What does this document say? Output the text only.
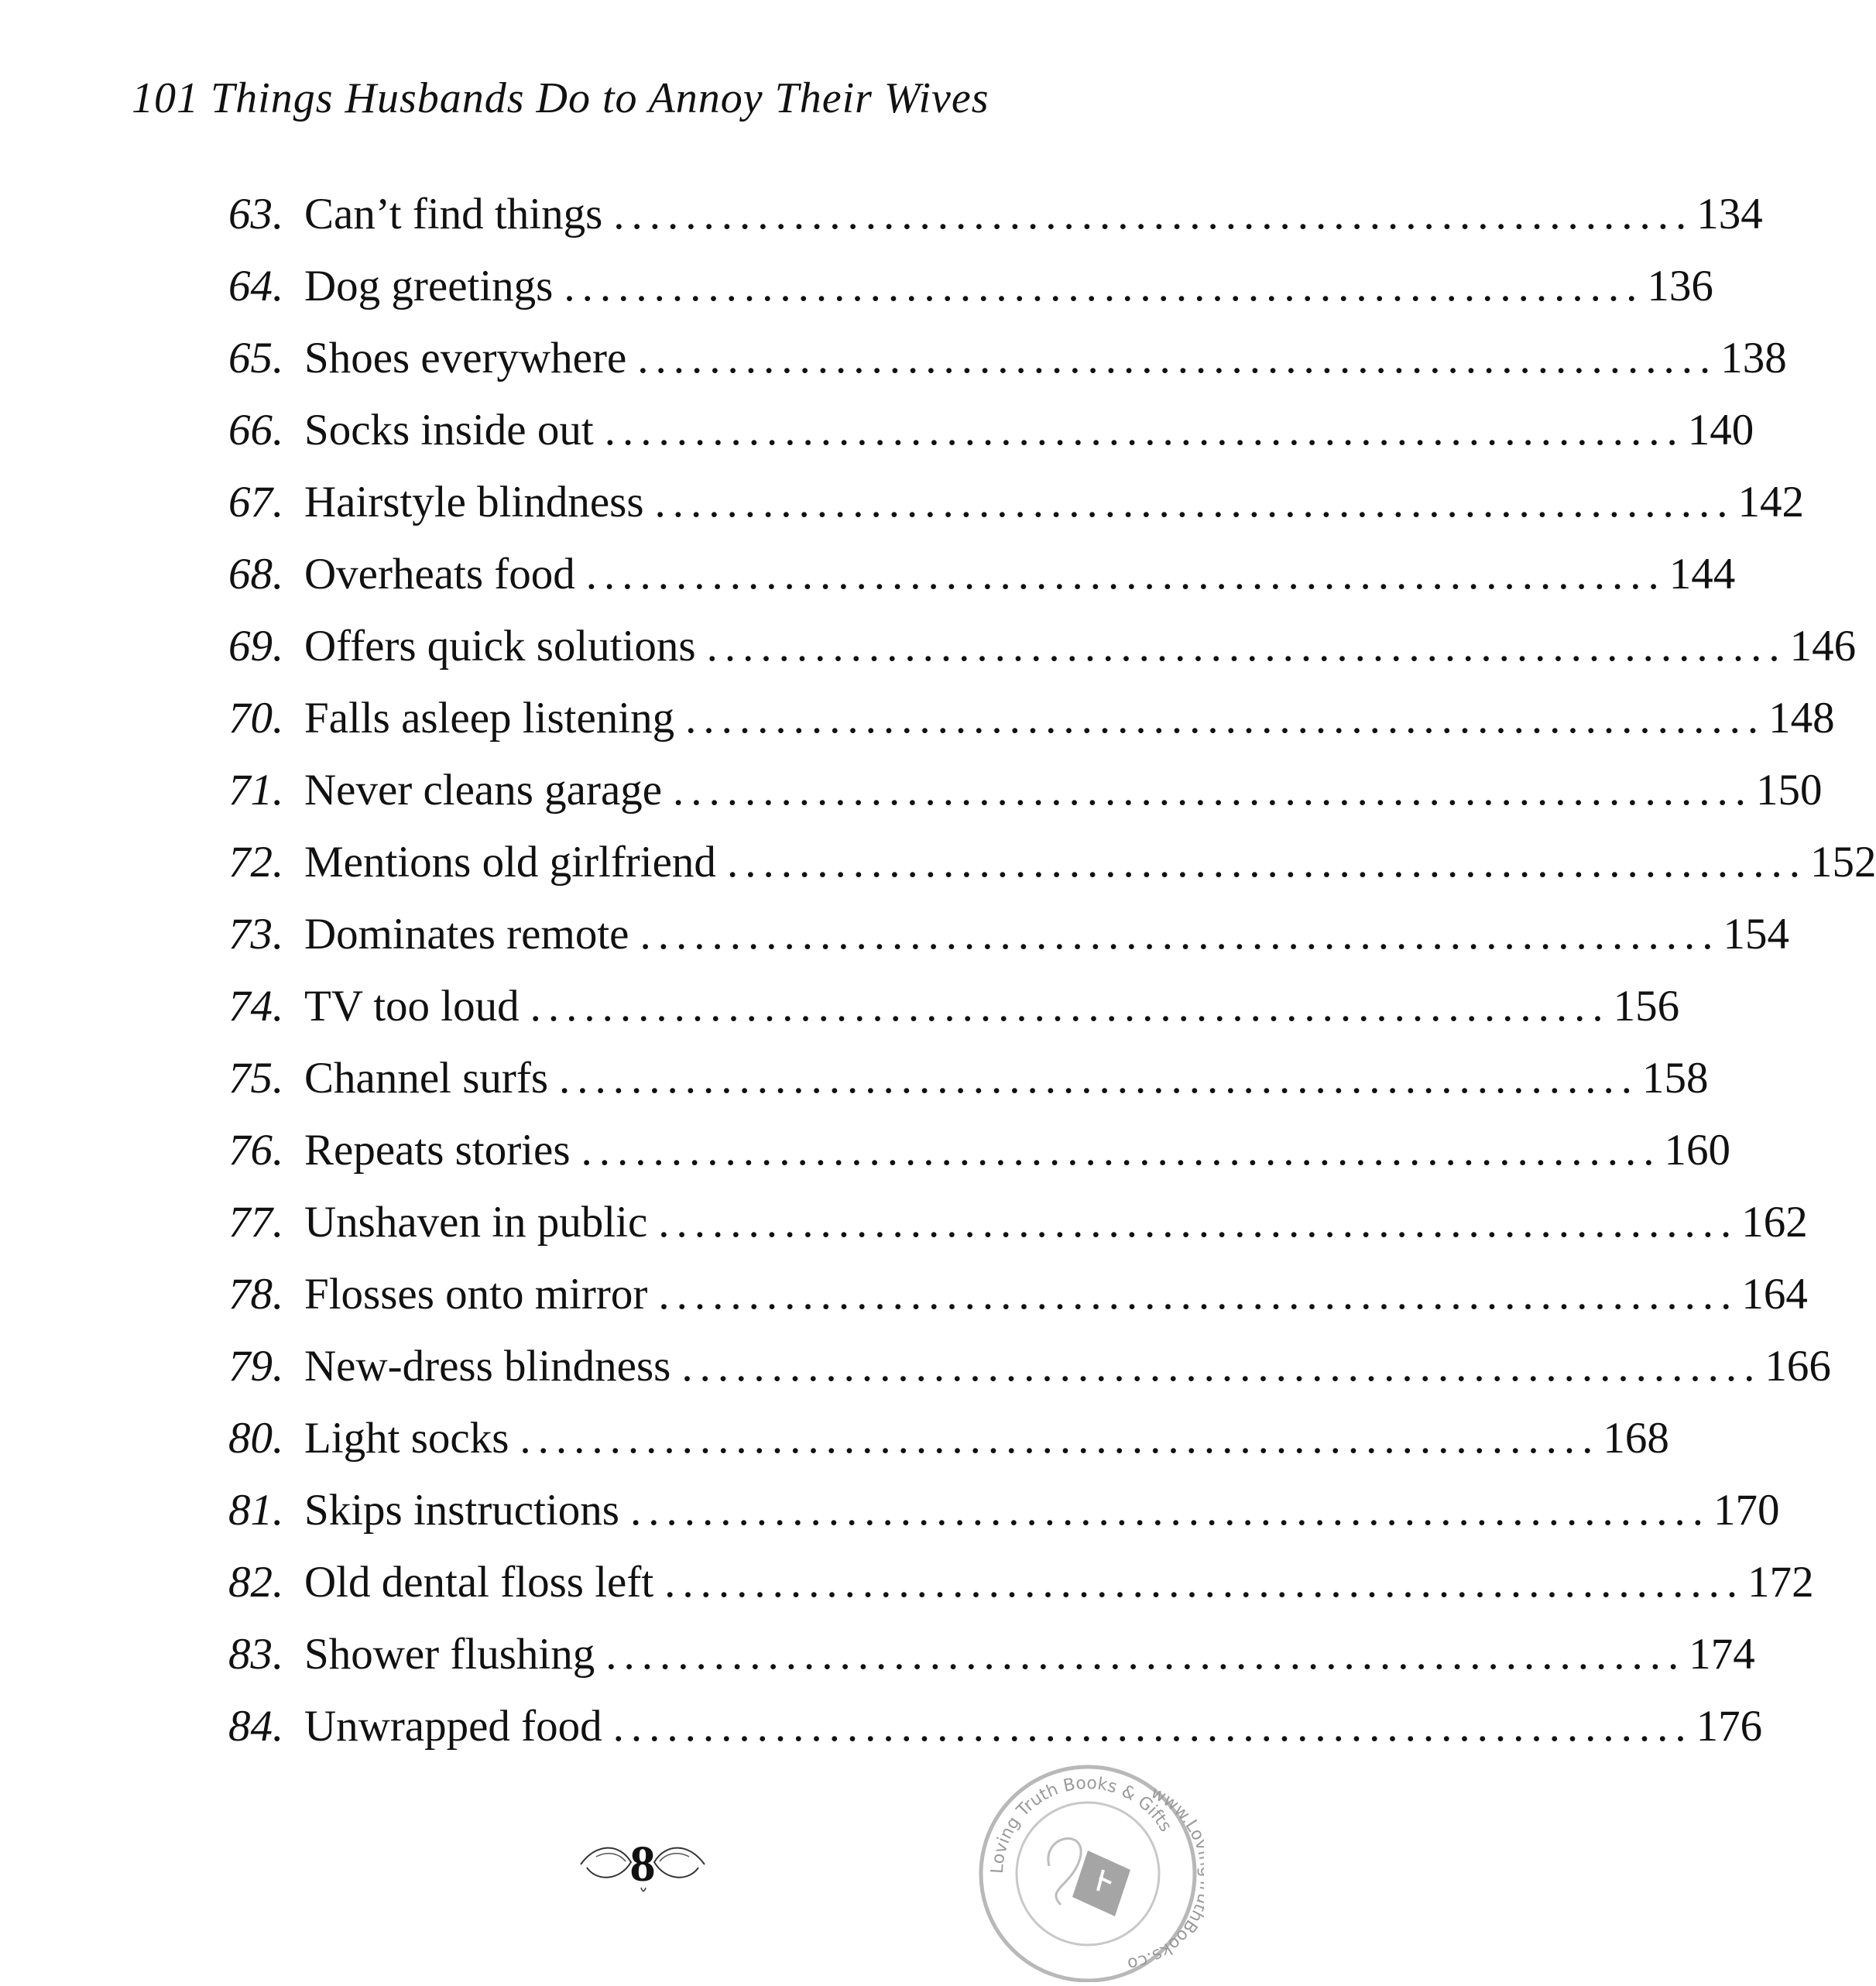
101 Things Husbands Do to Annoy Their Wives
63. Can’t find things ............................................................ 134
64. Dog greetings ............................................................ 136
65. Shoes everywhere ............................................................ 138
66. Socks inside out ............................................................ 140
67. Hairstyle blindness ............................................................ 142
68. Overheats food ............................................................ 144
69. Offers quick solutions ............................................................ 146
70. Falls asleep listening ............................................................ 148
71. Never cleans garage ............................................................ 150
72. Mentions old girlfriend ............................................................ 152
73. Dominates remote ............................................................ 154
74. TV too loud ............................................................ 156
75. Channel surfs ............................................................ 158
76. Repeats stories ............................................................ 160
77. Unshaven in public ............................................................ 162
78. Flosses onto mirror ............................................................ 164
79. New-dress blindness ............................................................ 166
80. Light socks ............................................................ 168
81. Skips instructions ............................................................ 170
82. Old dental floss left ............................................................ 172
83. Shower flushing ............................................................ 174
84. Unwrapped food ............................................................ 176
8	Loving Truth Books & Gifts
www.L Books.co
